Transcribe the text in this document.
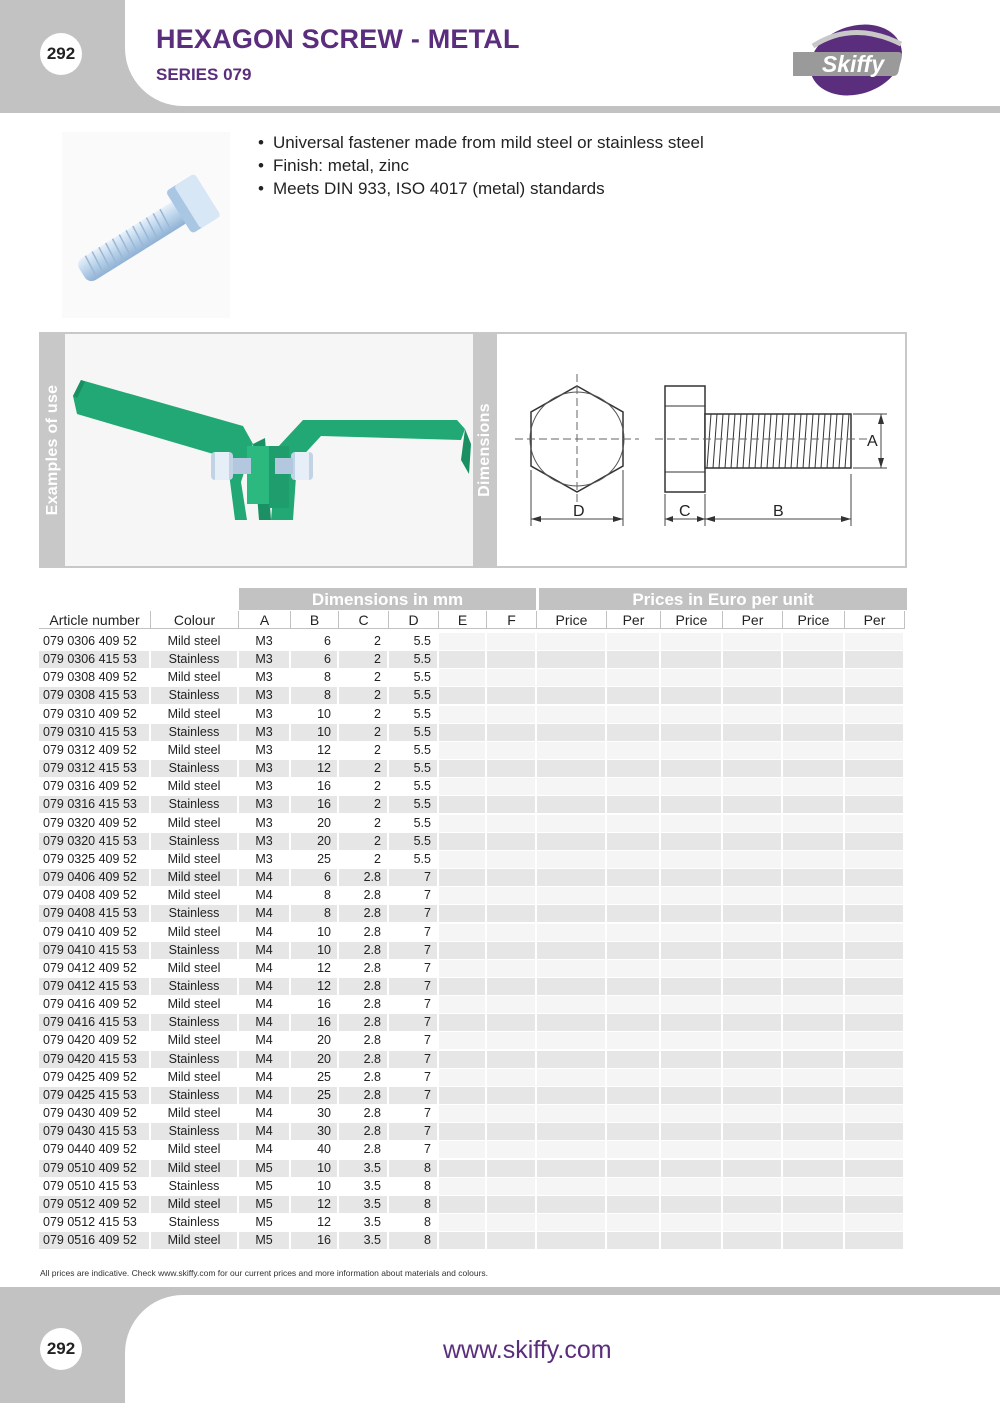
292	HEXAGON SCREW - METAL
SERIES 079	Skiffy
• Universal fastener made from mild steel or stainless steel
• Finish: metal, zinc
• Meets DIN 933, ISO 4017 (metal) standards
Examples of use	Dimensions
D
A
C	B
Dimensions in mm	Prices in Euro per unit
Article number	Colour	A	B	C	D	E	F	Price	Per	Price	Per	Price	Per
079 0306 409 52	Mild steel	M3	6	2	5.5
079 0306 415 53	Stainless	M3	6	2	5.5
079 0308 409 52	Mild steel	M3	8	2	5.5
079 0308 415 53	Stainless	M3	8	2	5.5
079 0310 409 52	Mild steel	M3	10	2	5.5
079 0310 415 53	Stainless	M3	10	2	5.5
079 0312 409 52	Mild steel	M3	12	2	5.5
079 0312 415 53	Stainless	M3	12	2	5.5
079 0316 409 52	Mild steel	M3	16	2	5.5
079 0316 415 53	Stainless	M3	16	2	5.5
079 0320 409 52	Mild steel	M3	20	2	5.5
079 0320 415 53	Stainless	M3	20	2	5.5
079 0325 409 52	Mild steel	M3	25	2	5.5
079 0406 409 52	Mild steel	M4	6	2.8	7
079 0408 409 52	Mild steel	M4	8	2.8	7
079 0408 415 53	Stainless	M4	8	2.8	7
079 0410 409 52	Mild steel	M4	10	2.8	7
079 0410 415 53	Stainless	M4	10	2.8	7
079 0412 409 52	Mild steel	M4	12	2.8	7
079 0412 415 53	Stainless	M4	12	2.8	7
079 0416 409 52	Mild steel	M4	16	2.8	7
079 0416 415 53	Stainless	M4	16	2.8	7
079 0420 409 52	Mild steel	M4	20	2.8	7
079 0420 415 53	Stainless	M4	20	2.8	7
079 0425 409 52	Mild steel	M4	25	2.8	7
079 0425 415 53	Stainless	M4	25	2.8	7
079 0430 409 52	Mild steel	M4	30	2.8	7
079 0430 415 53	Stainless	M4	30	2.8	7
079 0440 409 52	Mild steel	M4	40	2.8	7
079 0510 409 52	Mild steel	M5	10	3.5	8
079 0510 415 53	Stainless	M5	10	3.5	8
079 0512 409 52	Mild steel	M5	12	3.5	8
079 0512 415 53	Stainless	M5	12	3.5	8
079 0516 409 52	Mild steel	M5	16	3.5	8
All prices are indicative. Check www.skiffy.com for our current prices and more information about materials and colours.
292	www.skiffy.com
